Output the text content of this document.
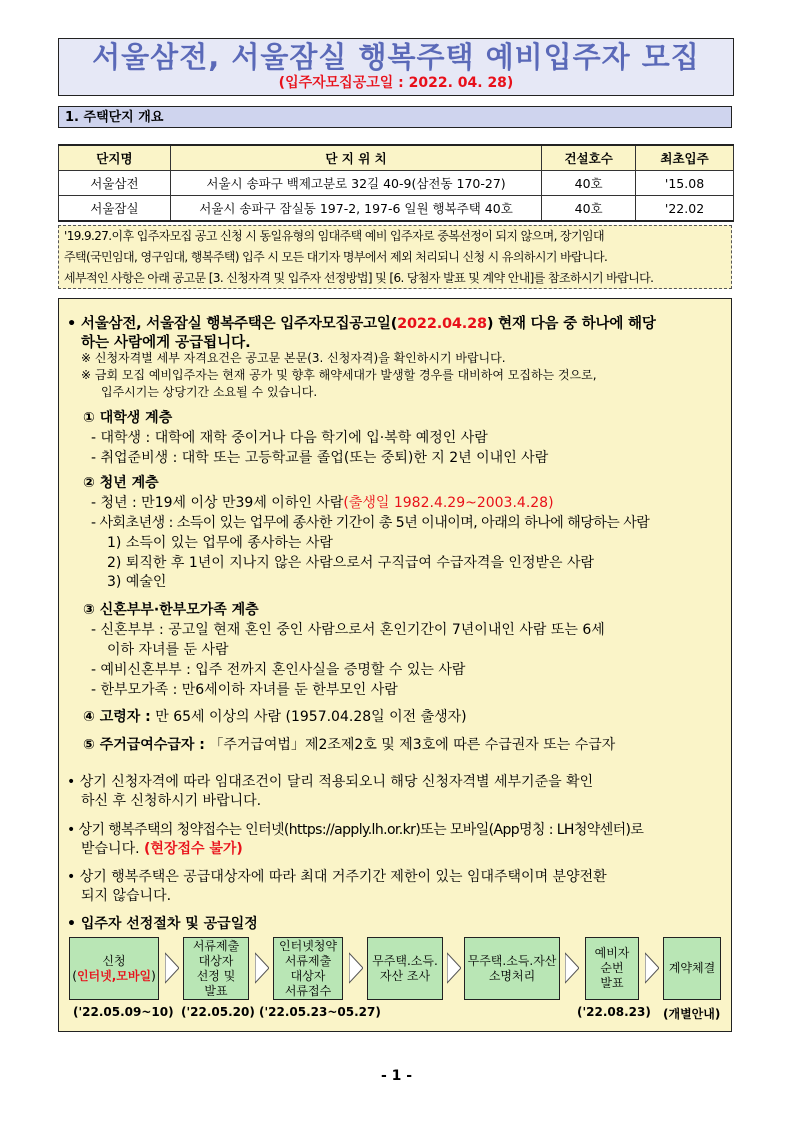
서울삼전, 서울잠실 행복주택 예비입주자 모집
(입주자모집공고일 : 2022. 04. 28)
1. 주택단지 개요
단지명	단 지 위 치	건설호수	최초입주
서울삼전	서울시 송파구 백제고분로 32길 40-9(삼전동 170-27)	40호	'15.08
서울잠실	서울시 송파구 잠실동 197-2, 197-6 일원 행복주택 40호	40호	'22.02
'19.9.27.이후 입주자모집 공고 신청 시 동일유형의 임대주택 예비 입주자로 중복선정이 되지 않으며, 장기임대
주택(국민임대, 영구임대, 행복주택) 입주 시 모든 대기자 명부에서 제외 처리되니 신청 시 유의하시기 바랍니다.
세부적인 사항은 아래 공고문 [3. 신청자격 및 입주자 선정방법] 및 [6. 당첨자 발표 및 계약 안내]를 참조하시기 바랍니다.
• 서울삼전, 서울잠실 행복주택은 입주자모집공고일(2022.04.28) 현재 다음 중 하나에 해당
하는 사람에게 공급됩니다.
※ 신청자격별 세부 자격요건은 공고문 본문(3. 신청자격)을 확인하시기 바랍니다.
※ 금회 모집 예비입주자는 현재 공가 및 향후 해약세대가 발생할 경우를 대비하여 모집하는 것으로,
입주시기는 상당기간 소요될 수 있습니다.
① 대학생 계층
- 대학생 : 대학에 재학 중이거나 다음 학기에 입·복학 예정인 사람
- 취업준비생 : 대학 또는 고등학교를 졸업(또는 중퇴)한 지 2년 이내인 사람
② 청년 계층
- 청년 : 만19세 이상 만39세 이하인 사람(출생일 1982.4.29~2003.4.28)
- 사회초년생 : 소득이 있는 업무에 종사한 기간이 총 5년 이내이며, 아래의 하나에 해당하는 사람
1) 소득이 있는 업무에 종사하는 사람
2) 퇴직한 후 1년이 지나지 않은 사람으로서 구직급여 수급자격을 인정받은 사람
3) 예술인
③ 신혼부부·한부모가족 계층
- 신혼부부 : 공고일 현재 혼인 중인 사람으로서 혼인기간이 7년이내인 사람 또는 6세
이하 자녀를 둔 사람
- 예비신혼부부 : 입주 전까지 혼인사실을 증명할 수 있는 사람
- 한부모가족 : 만6세이하 자녀를 둔 한부모인 사람
④ 고령자 : 만 65세 이상의 사람 (1957.04.28일 이전 출생자)
⑤ 주거급여수급자 : 「주거급여법」제2조제2호 및 제3호에 따른 수급권자 또는 수급자
• 상기 신청자격에 따라 임대조건이 달리 적용되오니 해당 신청자격별 세부기준을 확인
하신 후 신청하시기 바랍니다.
• 상기 행복주택의 청약접수는 인터넷(https://apply.lh.or.kr)또는 모바일(App명칭 : LH청약센터)로
받습니다. (현장접수 불가)
• 상기 행복주택은 공급대상자에 따라 최대 거주기간 제한이 있는 임대주택이며 분양전환
되지 않습니다.
• 입주자 선정절차 및 공급일정
신청
(인터넷,모바일)
서류제출
대상자
선정 및
발표
인터넷청약
서류제출
대상자
서류접수
무주택.소득.
자산 조사
무주택.소득.자산
소명처리
예비자
순번
발표
계약체결
('22.05.09~10) ('22.05.20) ('22.05.23~05.27)	('22.08.23) (개별안내)
- 1 -
